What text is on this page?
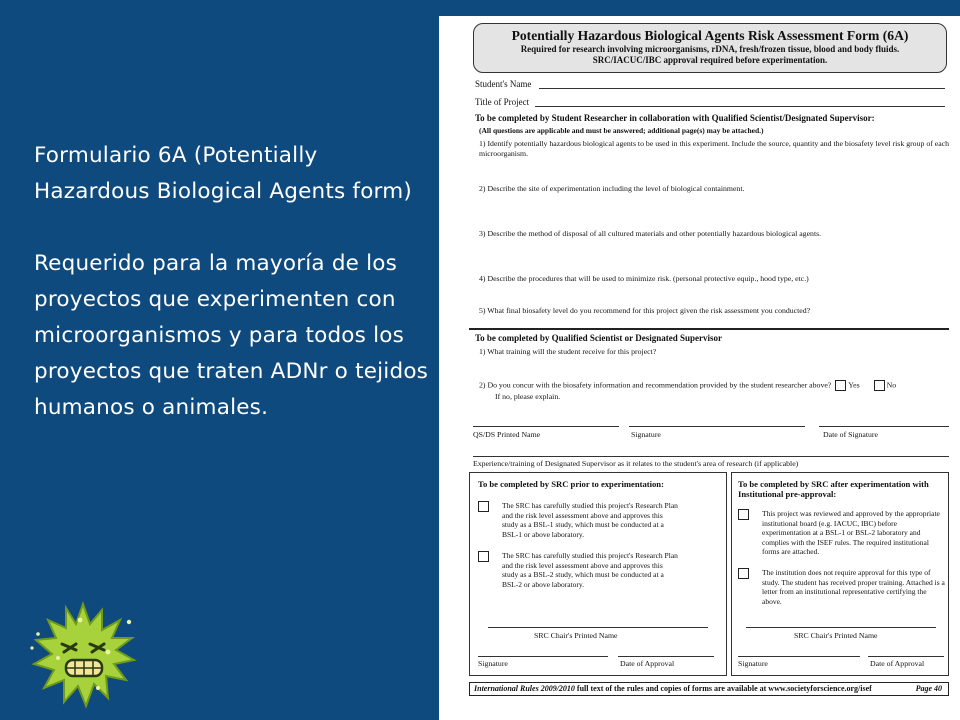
Formulario 6A (Potentially Hazardous Biological Agents form)

Requerido para la mayoría de los proyectos que experimenten con microorganismos y para todos los proyectos que traten ADNr o tejidos humanos o animales.

Potentially Hazardous Biological Agents Risk Assessment Form (6A)
Required for research involving microorganisms, rDNA, fresh/frozen tissue, blood and body fluids.
SRC/IACUC/IBC approval required before experimentation.
Student's Name
Title of Project
To be completed by Student Researcher in collaboration with Qualified Scientist/Designated Supervisor:
(All questions are applicable and must be answered; additional page(s) may be attached.)
1) Identify potentially hazardous biological agents to be used in this experiment. Include the source, quantity and the biosafety level risk group of each microorganism.
2) Describe the site of experimentation including the level of biological containment.
3) Describe the method of disposal of all cultured materials and other potentially hazardous biological agents.
4) Describe the procedures that will be used to minimize risk. (personal protective equip., hood type, etc.)
5) What final biosafety level do you recommend for this project given the risk assessment you conducted?
To be completed by Qualified Scientist or Designated Supervisor
1) What training will the student receive for this project?
2) Do you concur with the biosafety information and recommendation provided by the student researcher above? Yes	No
If no, please explain.
QS/DS Printed Name	Signature	Date of Signature
Experience/training of Designated Supervisor as it relates to the student's area of research (if applicable)
To be completed by SRC prior to experimentation:
The SRC has carefully studied this project's Research Plan and the risk level assessment above and approves this study as a BSL-1 study, which must be conducted at a BSL-1 or above laboratory.
The SRC has carefully studied this project's Research Plan and the risk level assessment above and approves this study as a BSL-2 study, which must be conducted at a BSL-2 or above laboratory.
SRC Chair's Printed Name
Signature	Date of Approval
To be completed by SRC after experimentation with Institutional pre-approval:
This project was reviewed and approved by the appropriate institutional board (e.g. IACUC, IBC) before experimentation at a BSL-1 or BSL-2 laboratory and complies with the ISEF rules. The required institutional forms are attached.
The institution does not require approval for this type of study. The student has received proper training. Attached is a letter from an institutional representative certifying the above.
SRC Chair's Printed Name
Signature	Date of Approval
International Rules 2009/2010 full text of the rules and copies of forms are available at www.societyforscience.org/isef	Page 40
